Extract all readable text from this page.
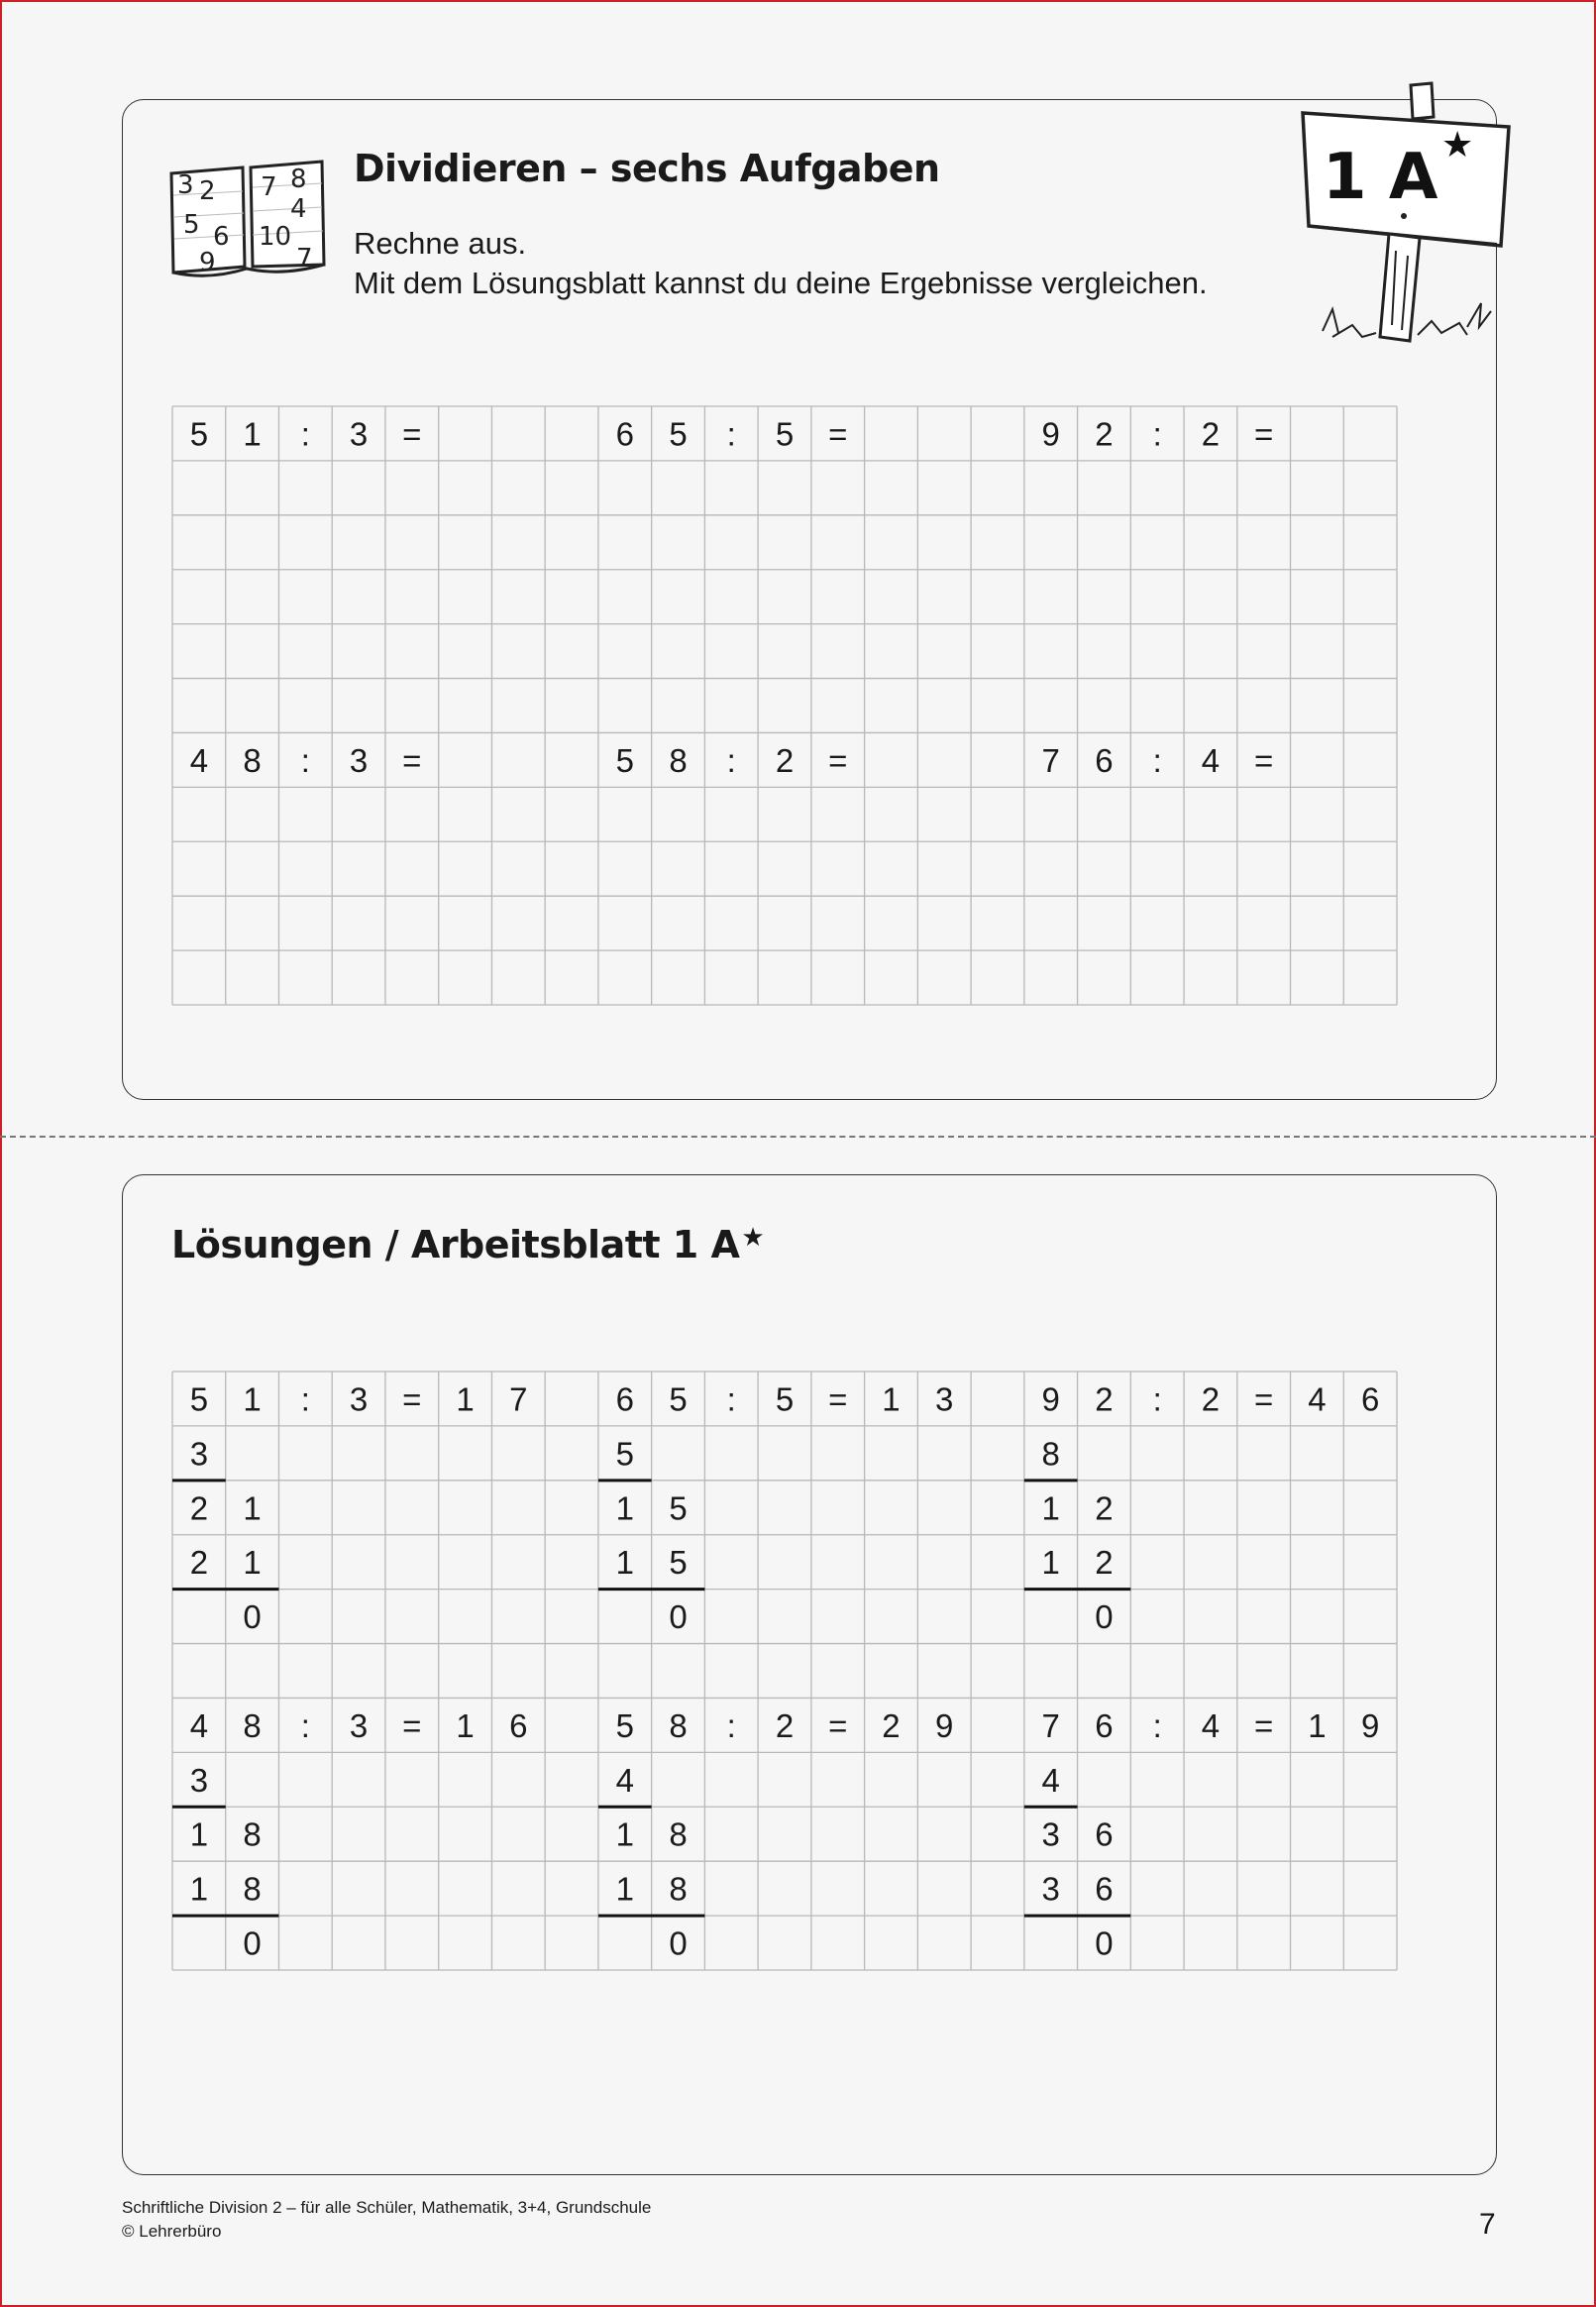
3 2 7 8
4
5 6 10
9	7
Dividieren – sechs Aufgaben
Rechne aus.
Mit dem Lösungsblatt kannst du deine Ergebnisse vergleichen.
1 A ★
5 1 : 3 =	6 5 : 5 =	9 2 : 2 =
4 8 : 3 =	5 8 : 2 =	7 6 : 4 =
Lösungen / Arbeitsblatt 1 A★
5 1 : 3 = 1 7	6 5 : 5 = 1 3	9 2 : 2 = 4 6
3	5	8
2 1	1 5	1 2
2 1	1 5	1 2
0	0	0
4 8 : 3 = 1 6	5 8 : 2 = 2 9	7 6 : 4 = 1 9
3	4	4
1 8	1 8	3 6
1 8	1 8	3 6
0	0	0
Schriftliche Division 2 – für alle Schüler, Mathematik, 3+4, Grundschule
© Lehrerbüro	7
